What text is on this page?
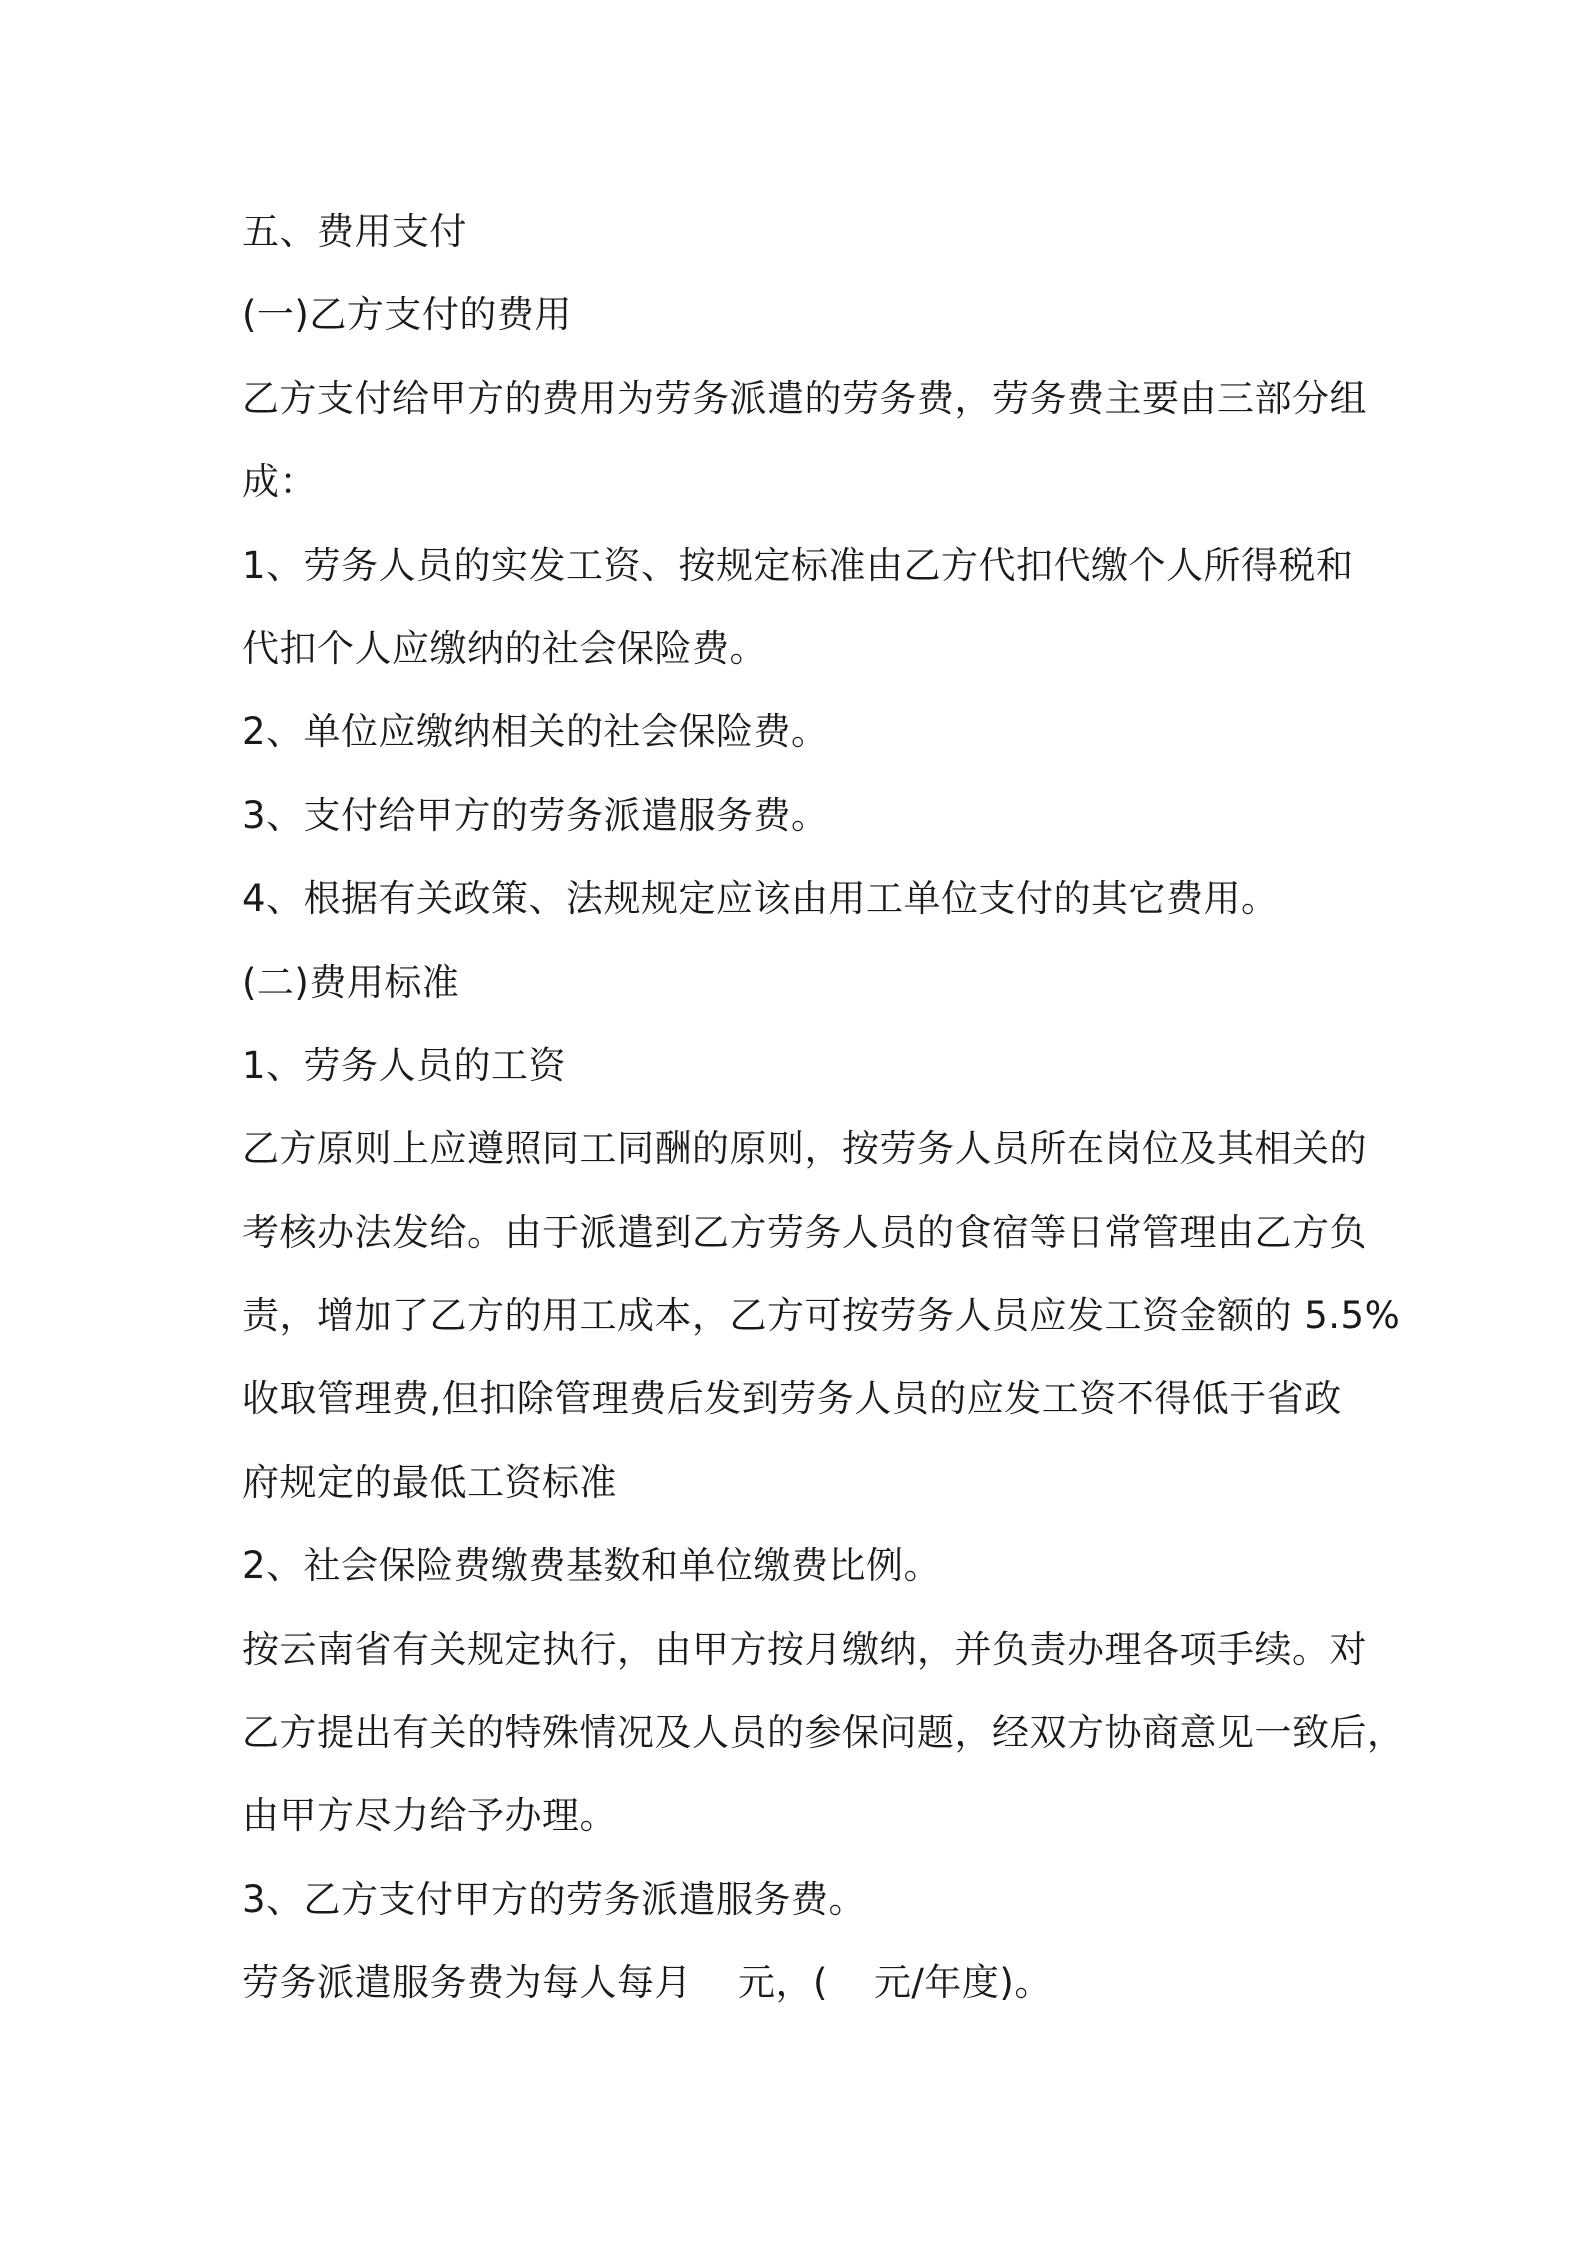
五、费用支付
(一)乙方支付的费用
乙方支付给甲方的费用为劳务派遣的劳务费，劳务费主要由三部分组
成：
1、劳务人员的实发工资、按规定标准由乙方代扣代缴个人所得税和
代扣个人应缴纳的社会保险费。
2、单位应缴纳相关的社会保险费。
3、支付给甲方的劳务派遣服务费。
4、根据有关政策、法规规定应该由用工单位支付的其它费用。
(二)费用标准
1、劳务人员的工资
乙方原则上应遵照同工同酬的原则，按劳务人员所在岗位及其相关的
考核办法发给。由于派遣到乙方劳务人员的食宿等日常管理由乙方负
责，增加了乙方的用工成本，乙方可按劳务人员应发工资金额的 5.5%
收取管理费,但扣除管理费后发到劳务人员的应发工资不得低于省政
府规定的最低工资标准
2、社会保险费缴费基数和单位缴费比例。
按云南省有关规定执行，由甲方按月缴纳，并负责办理各项手续。对
乙方提出有关的特殊情况及人员的参保问题，经双方协商意见一致后，
由甲方尽力给予办理。
3、乙方支付甲方的劳务派遣服务费。
劳务派遣服务费为每人每月 元，( 元/年度)。
